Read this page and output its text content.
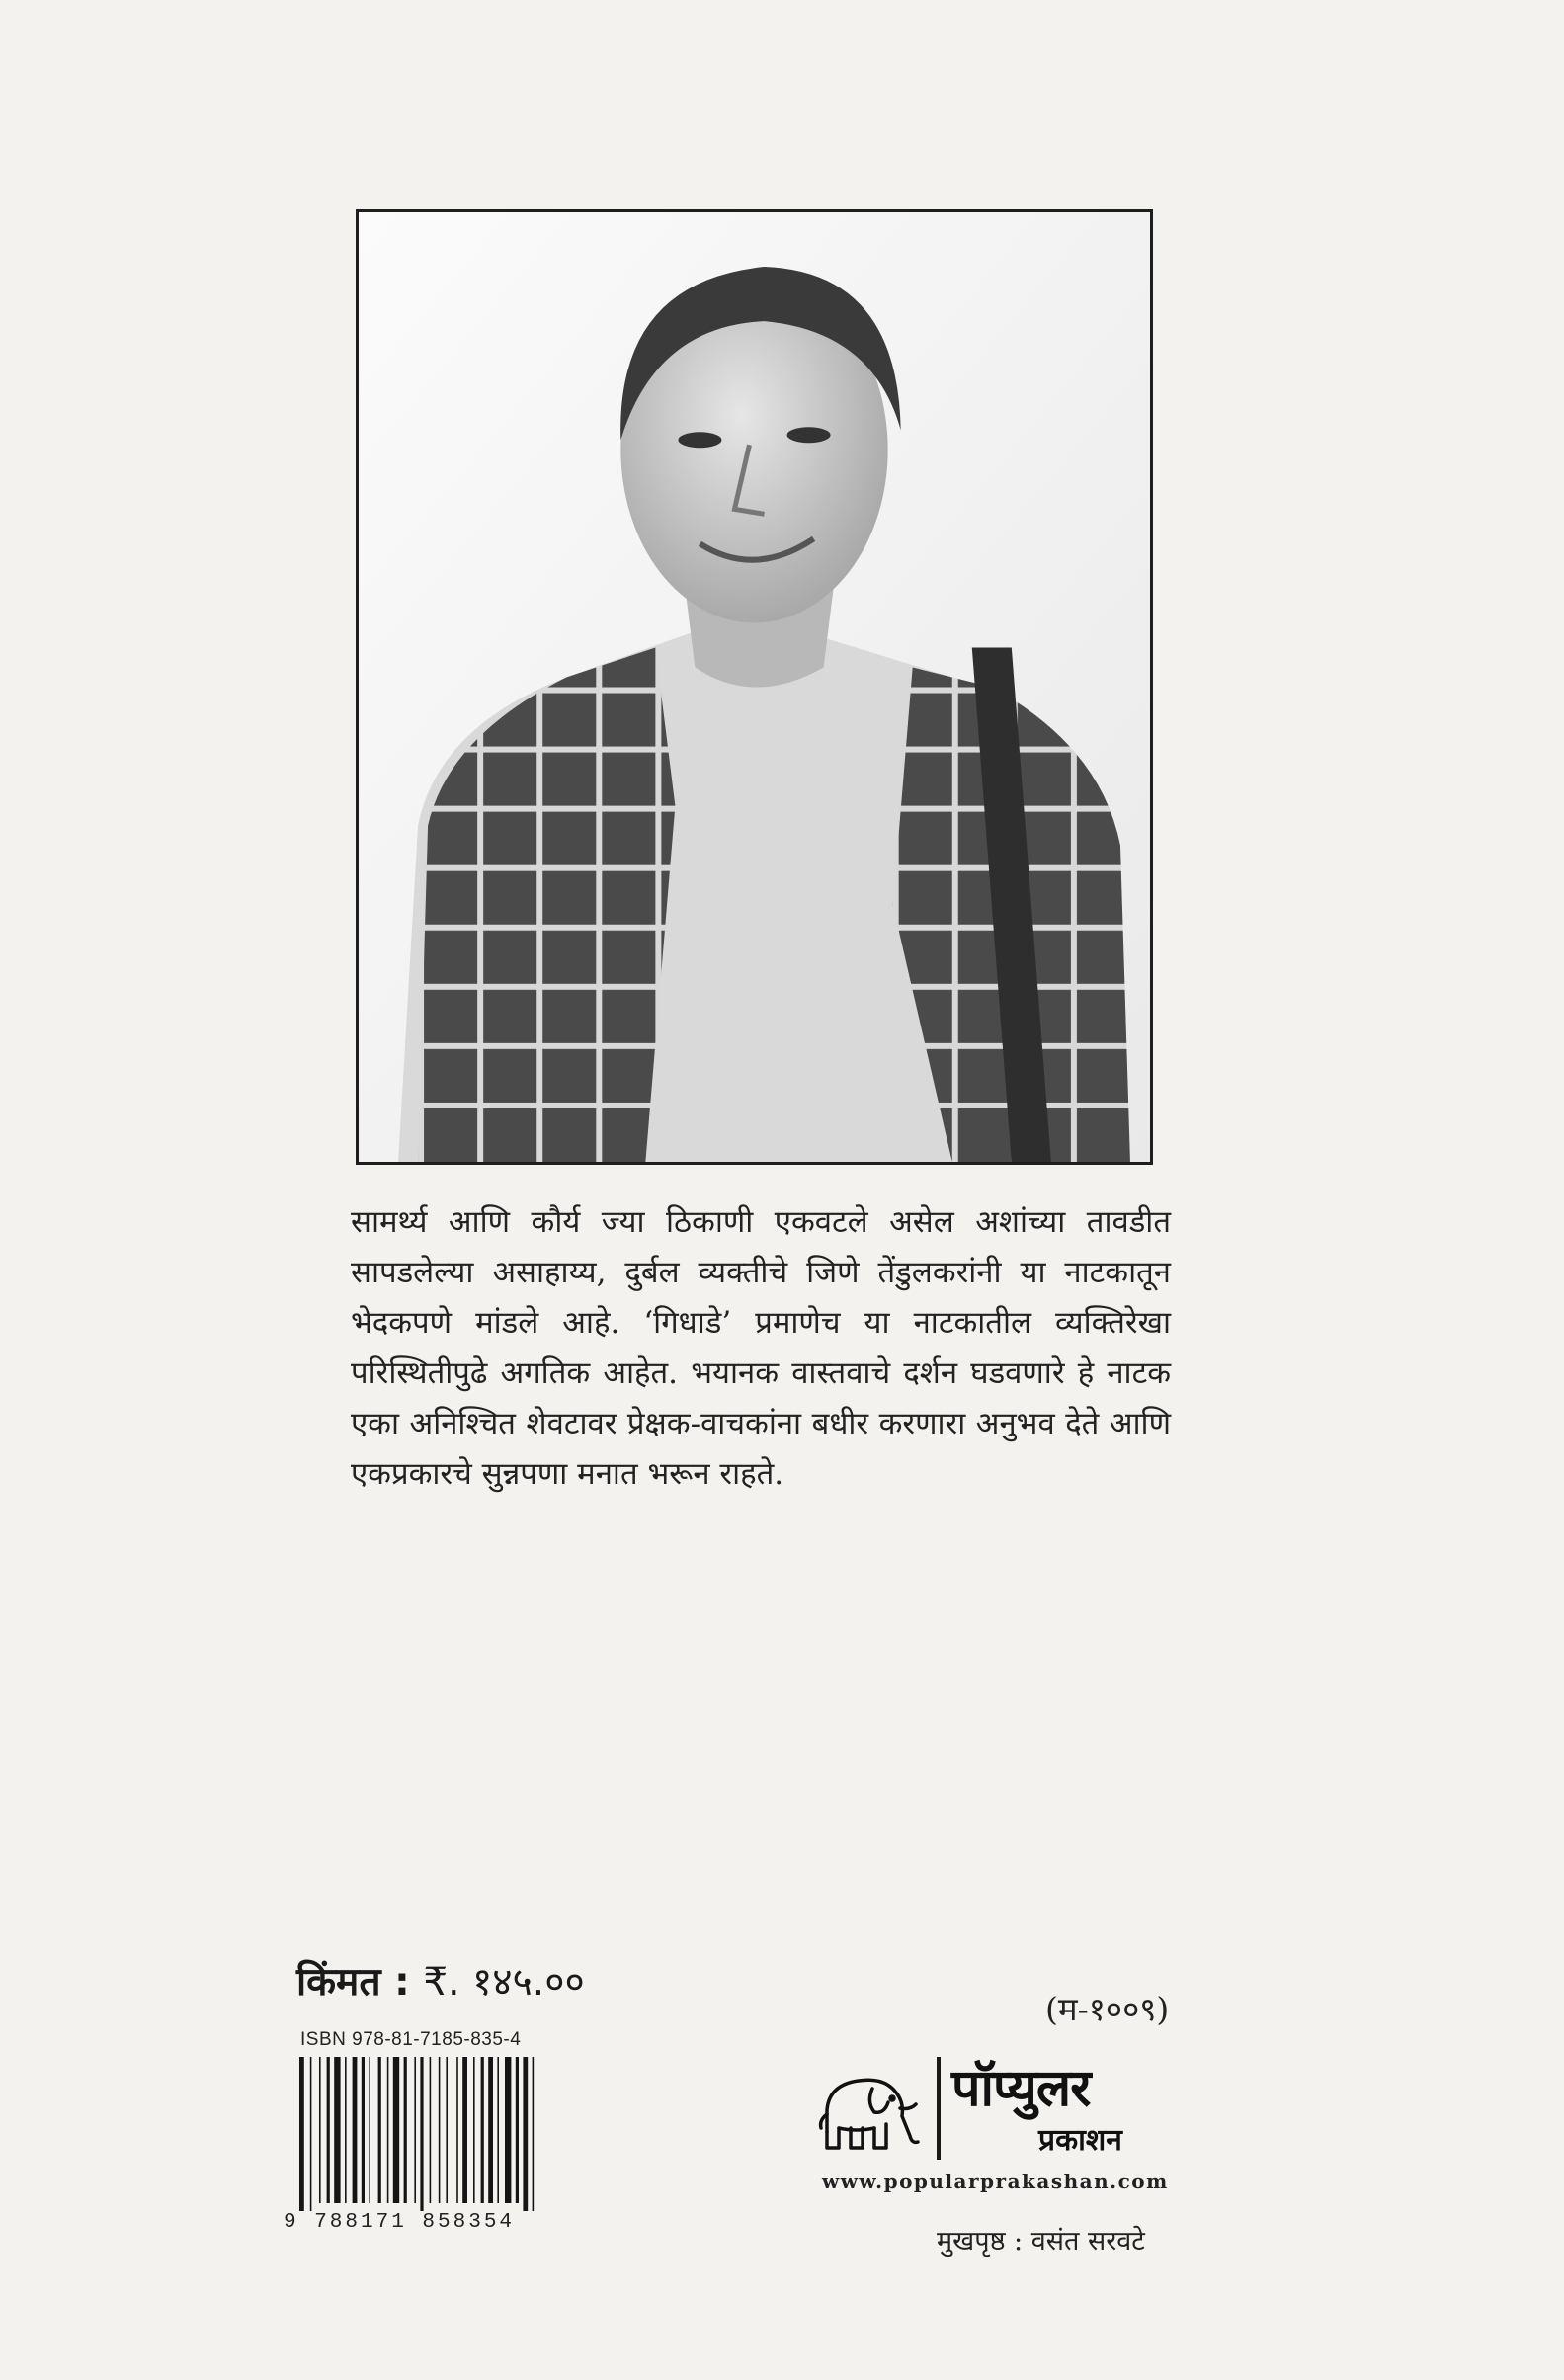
सामर्थ्य आणि कौर्य ज्या ठिकाणी एकवटले असेल अशांच्या तावडीत सापडलेल्या असाहाय्य, दुर्बल व्यक्तीचे जिणे तेंडुलकरांनी या नाटकातून भेदकपणे मांडले आहे. ‘गिधाडे’ प्रमाणेच या नाटकातील व्यक्तिरेखा परिस्थितीपुढे अगतिक आहेत. भयानक वास्तवाचे दर्शन घडवणारे हे नाटक एका अनिश्चित शेवटावर प्रेक्षक-वाचकांना बधीर करणारा अनुभव देते आणि एकप्रकारचे सुन्नपणा मनात भरून राहते.

किंमत : ₹. १४५.००
ISBN 978-81-7185-835-4
9 788171 858354
(म-१००९)
पॉप्युलर
प्रकाशन
www.popularprakashan.com
मुखपृष्ठ : वसंत सरवटे
